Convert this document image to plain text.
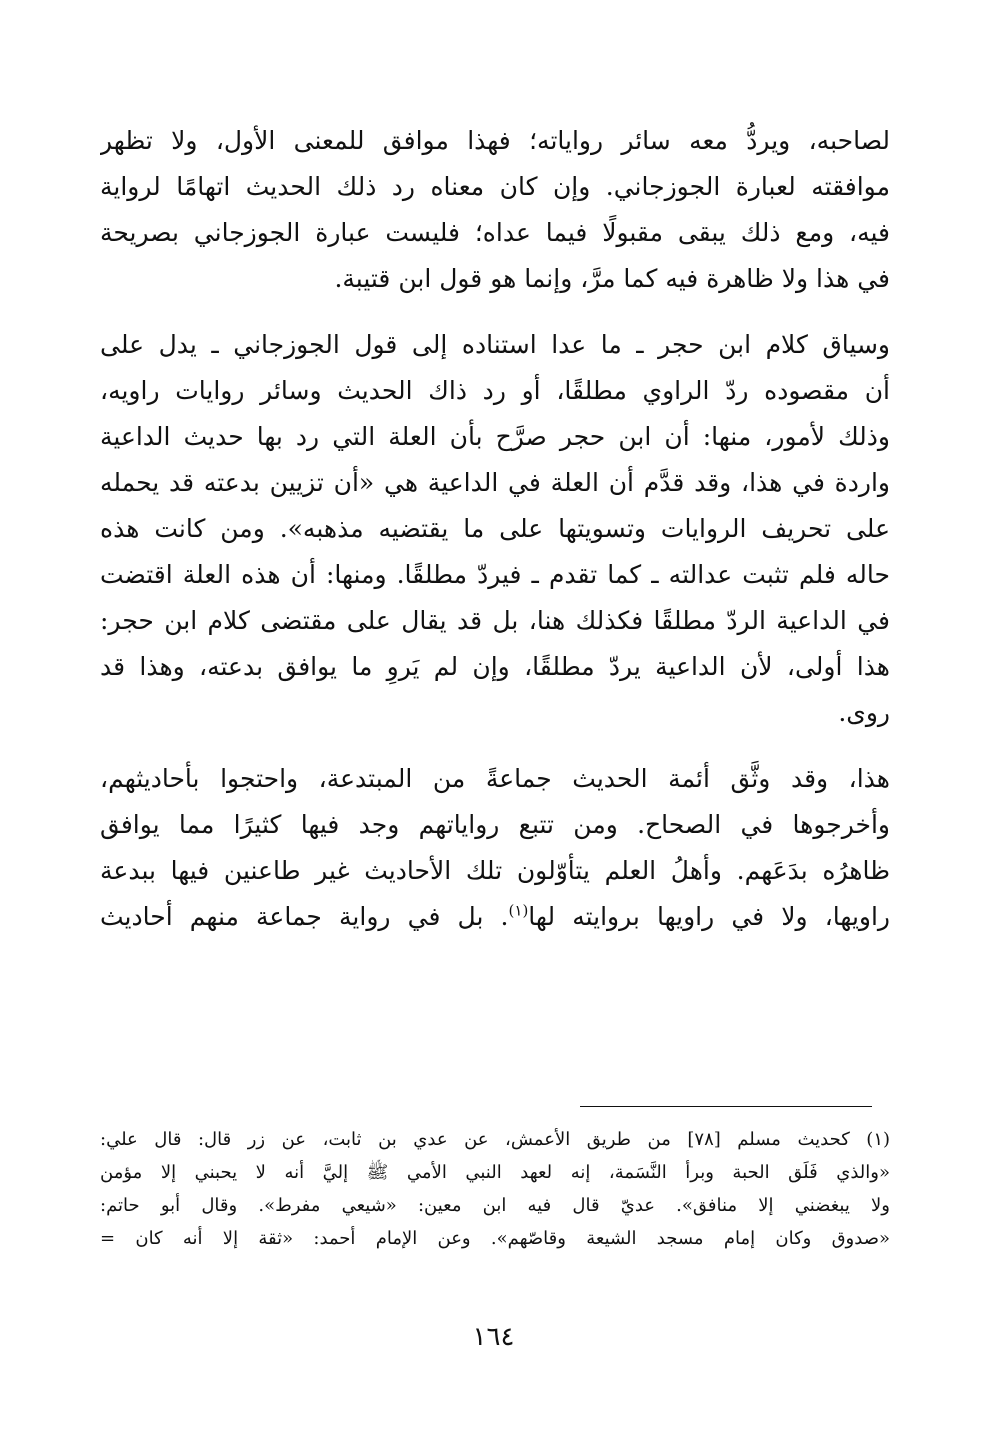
لصاحبه، ويردُّ معه سائر رواياته؛ فهذا موافق للمعنى الأول، ولا تظهر
موافقته لعبارة الجوزجاني. وإن كان معناه رد ذلك الحديث اتهامًا لرواية
فيه، ومع ذلك يبقى مقبولًا فيما عداه؛ فليست عبارة الجوزجاني بصريحة
في هذا ولا ظاهرة فيه كما مرَّ، وإنما هو قول ابن قتيبة.
وسياق كلام ابن حجر ـ ما عدا استناده إلى قول الجوزجاني ـ يدل على
أن مقصوده ردّ الراوي مطلقًا، أو رد ذاك الحديث وسائر روايات راويه،
وذلك لأمور، منها: أن ابن حجر صرَّح بأن العلة التي رد بها حديث الداعية
واردة في هذا، وقد قدَّم أن العلة في الداعية هي «أن تزيين بدعته قد يحمله
على تحريف الروايات وتسويتها على ما يقتضيه مذهبه». ومن كانت هذه
حاله فلم تثبت عدالته ـ كما تقدم ـ فيردّ مطلقًا. ومنها: أن هذه العلة اقتضت
في الداعية الردّ مطلقًا فكذلك هنا، بل قد يقال على مقتضى كلام ابن حجر:
هذا أولى، لأن الداعية يردّ مطلقًا، وإن لم يَروِ ما يوافق بدعته، وهذا قد
روى.
هذا، وقد وثَّق أئمة الحديث جماعةً من المبتدعة، واحتجوا بأحاديثهم،
وأخرجوها في الصحاح. ومن تتبع رواياتهم وجد فيها كثيرًا مما يوافق
ظاهرُه بدَعَهم. وأهلُ العلم يتأوّلون تلك الأحاديث غير طاعنين فيها ببدعة
راويها، ولا في راويها بروايته لها$^{(١)}$. بل في رواية جماعة منهم أحاديث
(١) كحديث مسلم [٧٨] من طريق الأعمش، عن عدي بن ثابت، عن زر قال: قال علي:
«والذي فَلَق الحبة وبرأ النَّسَمة، إنه لعهد النبي الأمي ﷺ إليَّ أنه لا يحبني إلا مؤمن
ولا يبغضني إلا منافق». عديّ قال فيه ابن معين: «شيعي مفرط». وقال أبو حاتم:
«صدوق وكان إمام مسجد الشيعة وقاصّهم». وعن الإمام أحمد: «ثقة إلا أنه كان =
١٦٤
